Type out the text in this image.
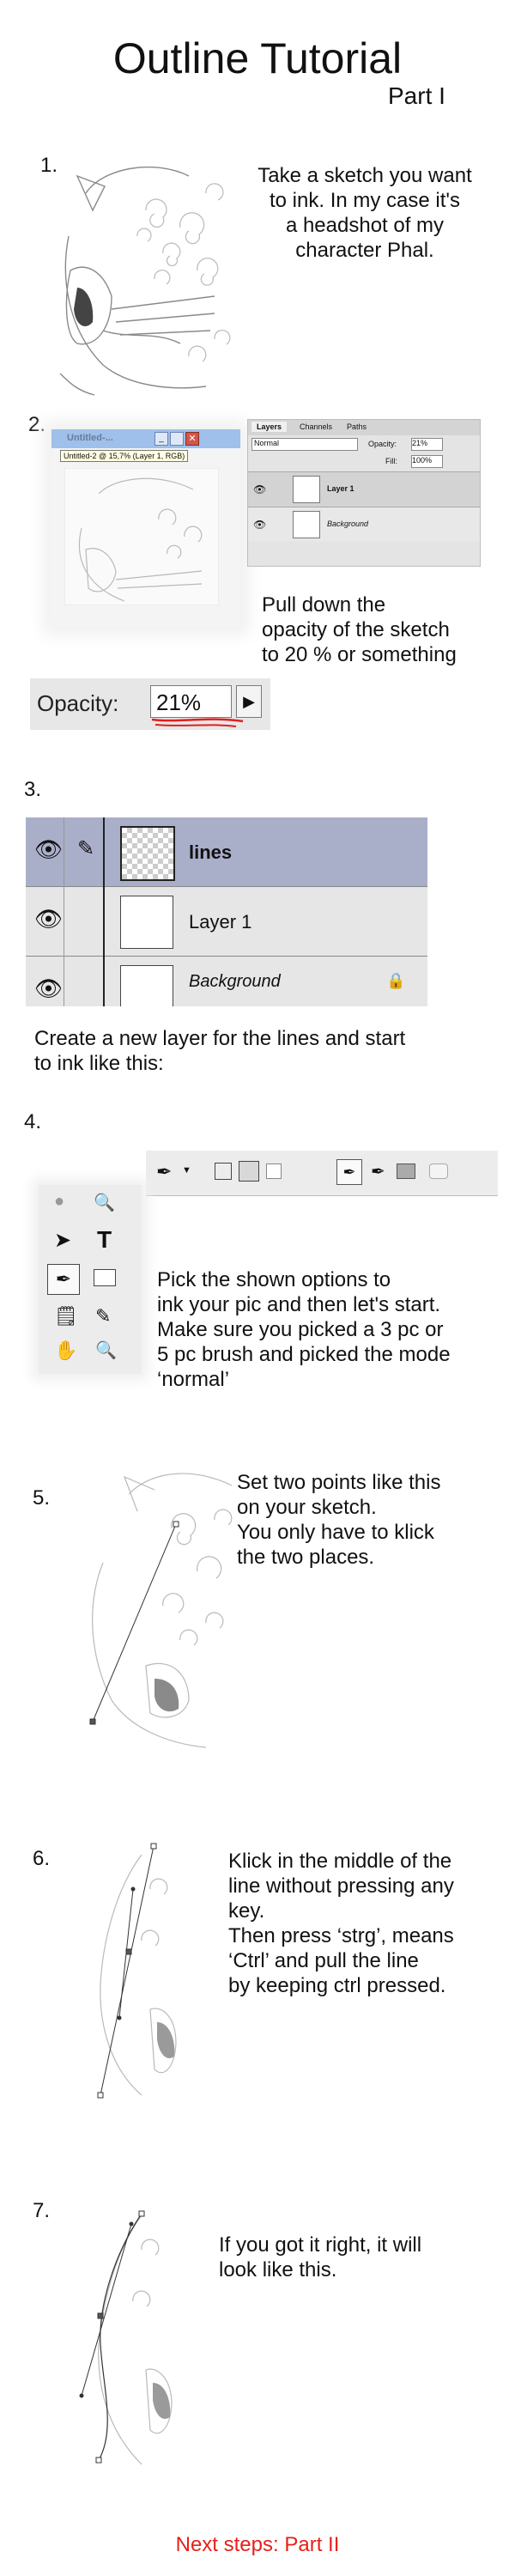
Outline Tutorial
Part I
1.	Take a sketch you want
to ink. In my case it's
a headshot of my
character Phal.
2.
Untitled-...	_	✕
Untitled-2 @ 15,7% (Layer 1, RGB)
Layers	Channels Paths
Normal	Opacity: 21%
Fill: 100%
👁	Layer 1
👁	Background
Pull down the
opacity of the sketch
to 20 % or something
Opacity: 21%	▶
3.
👁 ✎	lines
👁	Layer 1
👁	Background	🔒
Create a new layer for the lines and start
to ink like this:
4.
✒ ▼	✒ ✒
● 🔍
➤ T
✒
🗒 ✎
✋ 🔍
Pick the shown options to
ink your pic and then let's start.
Make sure you picked a 3 pc or
5 pc brush and picked the mode
‘normal’
5.
Set two points like this
on your sketch.
You only have to klick
the two places.
6.	Klick in the middle of the
line without pressing any
key.
Then press ‘strg’, means
‘Ctrl’ and pull the line
by keeping ctrl pressed.
7.
If you got it right, it will
look like this.
Next steps: Part II
